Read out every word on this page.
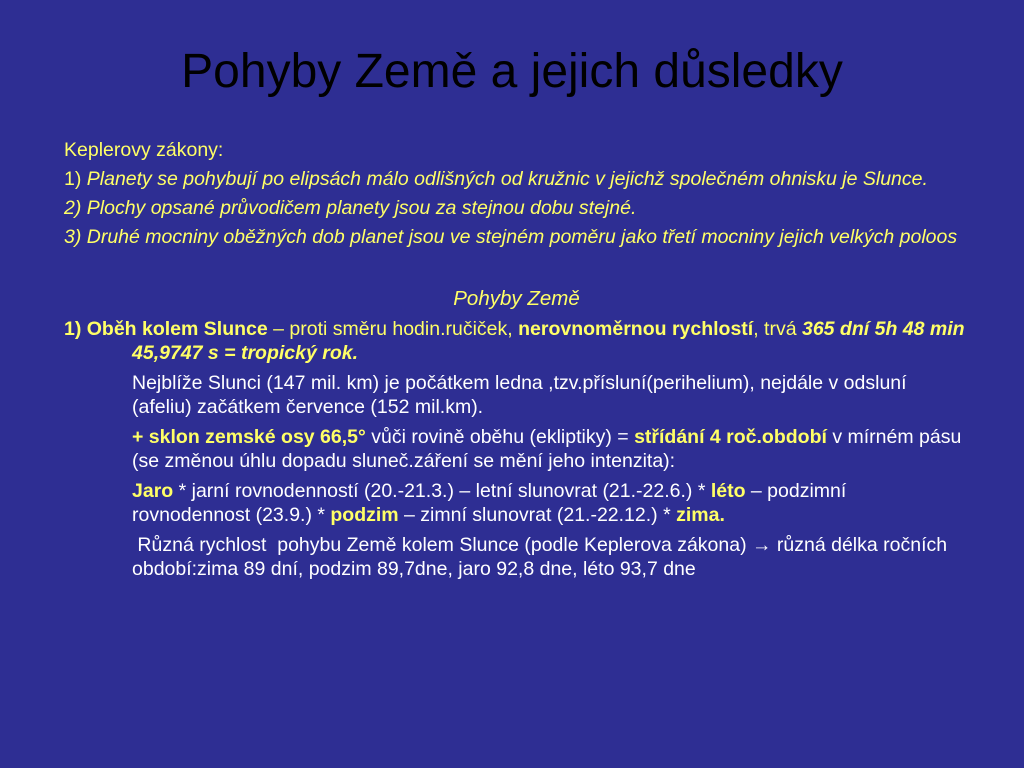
Pohyby Země a jejich důsledky

Keplerovy zákony:

1) Planety se pohybují po elipsách málo odlišných od kružnic v jejichž společném ohnisku je Slunce.

2) Plochy opsané průvodičem planety jsou za stejnou dobu stejné.

3) Druhé mocniny oběžných dob planet jsou ve stejném poměru jako třetí mocniny jejich velkých poloos

Pohyby Země

1) Oběh kolem Slunce – proti směru hodin.ručiček, nerovnoměrnou rychlostí, trvá 365 dní 5h 48 min 45,9747 s = tropický rok.

Nejblíže Slunci (147 mil. km) je počátkem ledna ,tzv.přísluní(perihelium), nejdále v odsluní (afeliu) začátkem července (152 mil.km).

+ sklon zemské osy 66,5° vůči rovině oběhu (ekliptiky) = střídání 4 roč.období v mírném pásu (se změnou úhlu dopadu sluneč.záření se mění jeho intenzita):

Jaro * jarní rovnodenností (20.-21.3.) – letní slunovrat (21.-22.6.) * léto – podzimní rovnodennost (23.9.) * podzim – zimní slunovrat (21.-22.12.) * zima.

Různá rychlost  pohybu Země kolem Slunce (podle Keplerova zákona) → různá délka ročních období:zima 89 dní, podzim 89,7dne, jaro 92,8 dne, léto 93,7 dne
